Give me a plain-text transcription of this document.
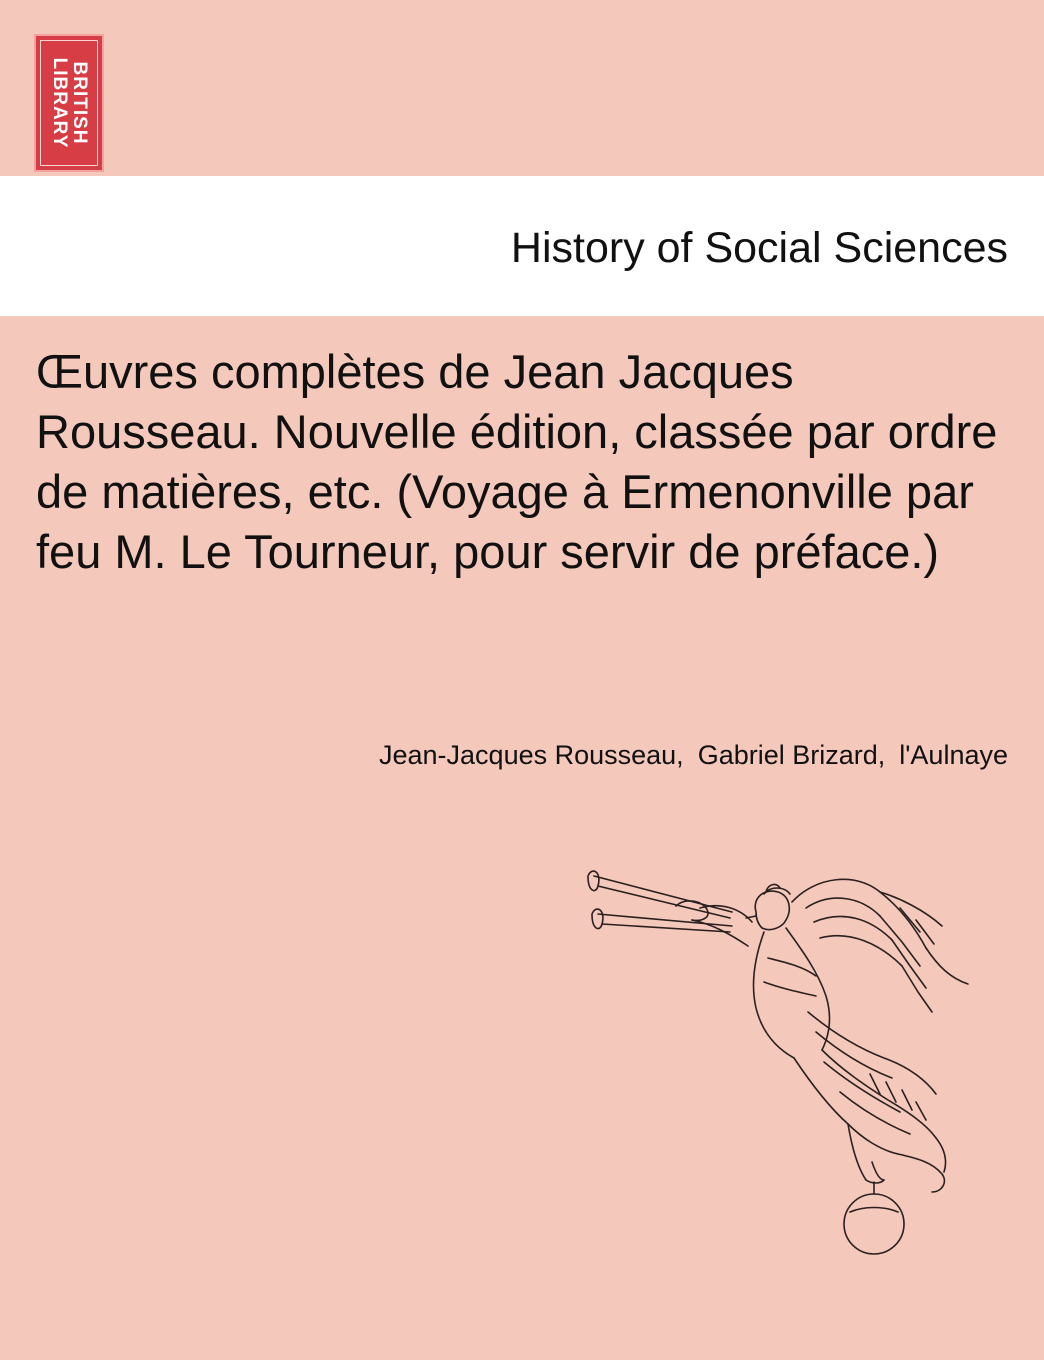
BRITISH
LIBRARY
History of Social Sciences
Œuvres complètes de Jean Jacques Rousseau. Nouvelle édition, classée par ordre de matières, etc. (Voyage à Ermenonville par feu M. Le Tourneur, pour servir de préface.)
Jean-Jacques Rousseau, Gabriel Brizard, l'Aulnaye
